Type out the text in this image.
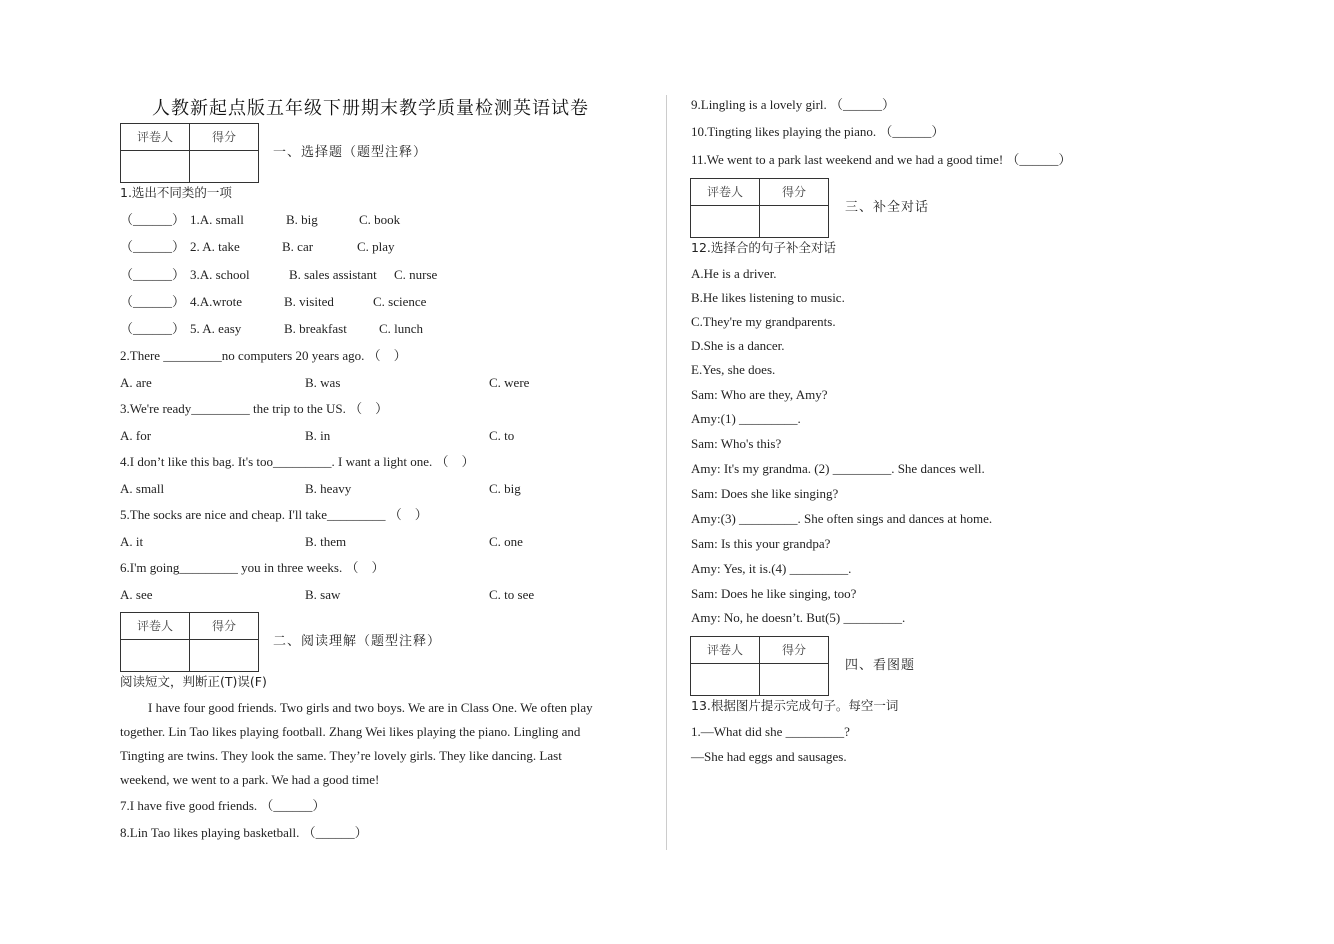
人教新起点版五年级下册期末教学质量检测英语试卷
评卷人	得分
一、选择题（题型注释）
1.选出不同类的一项
（______） 1.A. small	B. big	C. book
（______） 2. A. take	B. car	C. play
（______） 3.A. school	B. sales assistant C. nurse
（______） 4.A.wrote	B. visited	C. science
（______） 5. A. easy	B. breakfast C. lunch
2.There _________no computers 20 years ago. （　）
A. are	B. was	C. were
3.We're ready_________ the trip to the US. （　）
A. for	B. in	C. to
4.I don’t like this bag. It's too_________. I want a light one. （　）
A. small	B. heavy	C. big
5.The socks are nice and cheap. I'll take_________ （　）
A. it	B. them	C. one
6.I'm going_________ you in three weeks. （　）
A. see	B. saw	C. to see
评卷人	得分
二、阅读理解（题型注释）
阅读短文，判断正(T)误(F)
I have four good friends. Two girls and two boys. We are in Class One. We often play
together. Lin Tao likes playing football. Zhang Wei likes playing the piano. Lingling and
Tingting are twins. They look the same. They’re lovely girls. They like dancing. Last
weekend, we went to a park. We had a good time!
7.I have five good friends. （______）
8.Lin Tao likes playing basketball. （______）
9.Lingling is a lovely girl. （______）
10.Tingting likes playing the piano. （______）
11.We went to a park last weekend and we had a good time! （______）
评卷人	得分
三、补全对话
12.选择合的句子补全对话
A.He is a driver.
B.He likes listening to music.
C.They're my grandparents.
D.She is a dancer.
E.Yes, she does.
Sam: Who are they, Amy?
Amy:(1) _________.
Sam: Who's this?
Amy: It's my grandma. (2) _________. She dances well.
Sam: Does she like singing?
Amy:(3) _________. She often sings and dances at home.
Sam: Is this your grandpa?
Amy: Yes, it is.(4) _________.
Sam: Does he like singing, too?
Amy: No, he doesn’t. But(5) _________.
评卷人	得分
四、看图题
13.根据图片提示完成句子。每空一词
1.—What did she _________?
—She had eggs and sausages.
